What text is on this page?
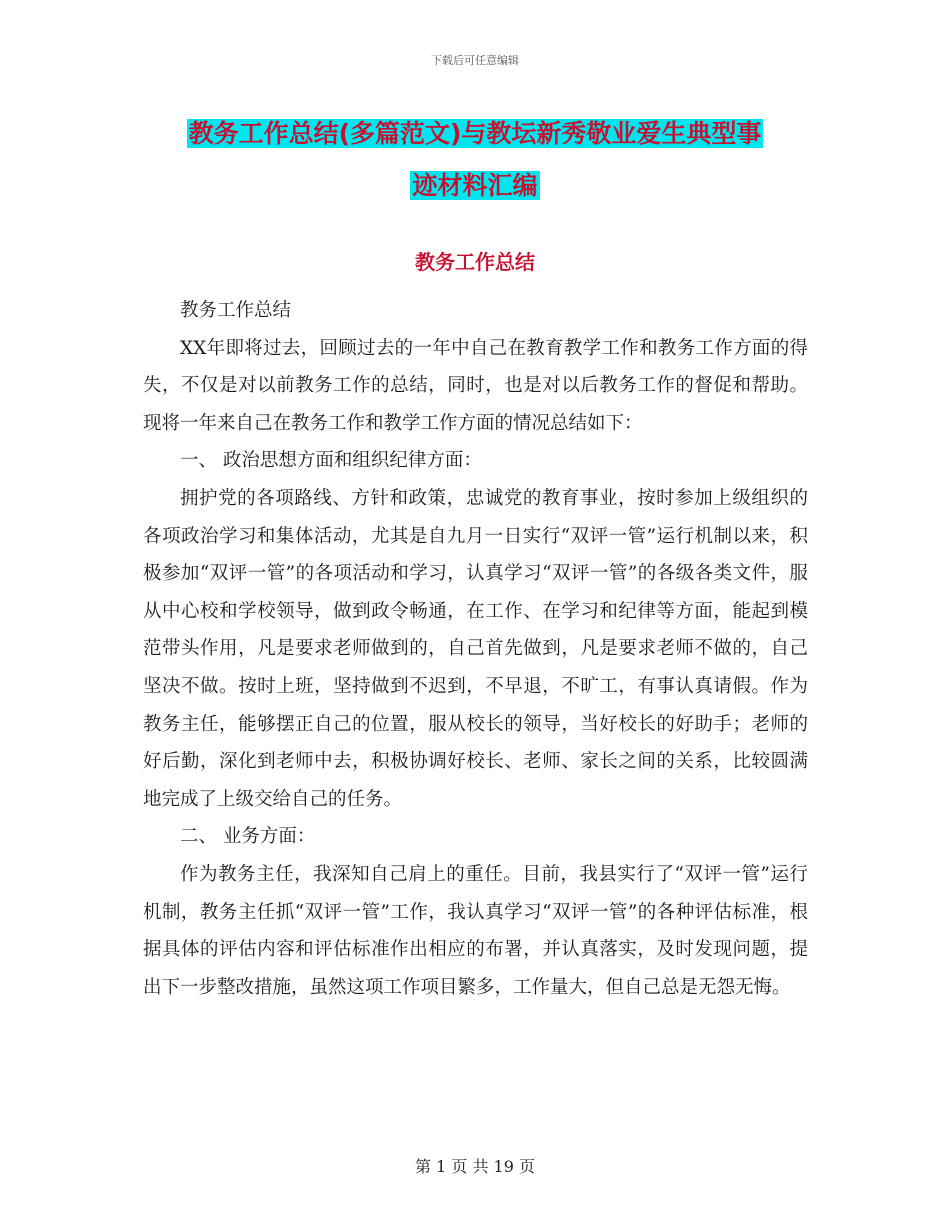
下载后可任意编辑
教务工作总结(多篇范文)与教坛新秀敬业爱生典型事
迹材料汇编
教务工作总结

教务工作总结

XX年即将过去，回顾过去的一年中自己在教育教学工作和教务工作方面的得失，不仅是对以前教务工作的总结，同时，也是对以后教务工作的督促和帮助。现将一年来自己在教务工作和教学工作方面的情况总结如下：

一、 政治思想方面和组织纪律方面：

拥护党的各项路线、方针和政策，忠诚党的教育事业，按时参加上级组织的各项政治学习和集体活动，尤其是自九月一日实行“双评一管”运行机制以来，积极参加“双评一管”的各项活动和学习，认真学习“双评一管”的各级各类文件，服从中心校和学校领导，做到政令畅通，在工作、在学习和纪律等方面，能起到模范带头作用，凡是要求老师做到的，自己首先做到，凡是要求老师不做的，自己坚决不做。按时上班，坚持做到不迟到，不早退，不旷工，有事认真请假。作为教务主任，能够摆正自己的位置，服从校长的领导，当好校长的好助手；老师的好后勤，深化到老师中去，积极协调好校长、老师、家长之间的关系，比较圆满地完成了上级交给自己的任务。

二、 业务方面：

作为教务主任，我深知自己肩上的重任。目前，我县实行了“双评一管”运行机制，教务主任抓“双评一管”工作，我认真学习“双评一管”的各种评估标准，根据具体的评估内容和评估标准作出相应的布署，并认真落实，及时发现问题，提出下一步整改措施，虽然这项工作项目繁多，工作量大，但自己总是无怨无悔。

第 1 页 共 19 页
